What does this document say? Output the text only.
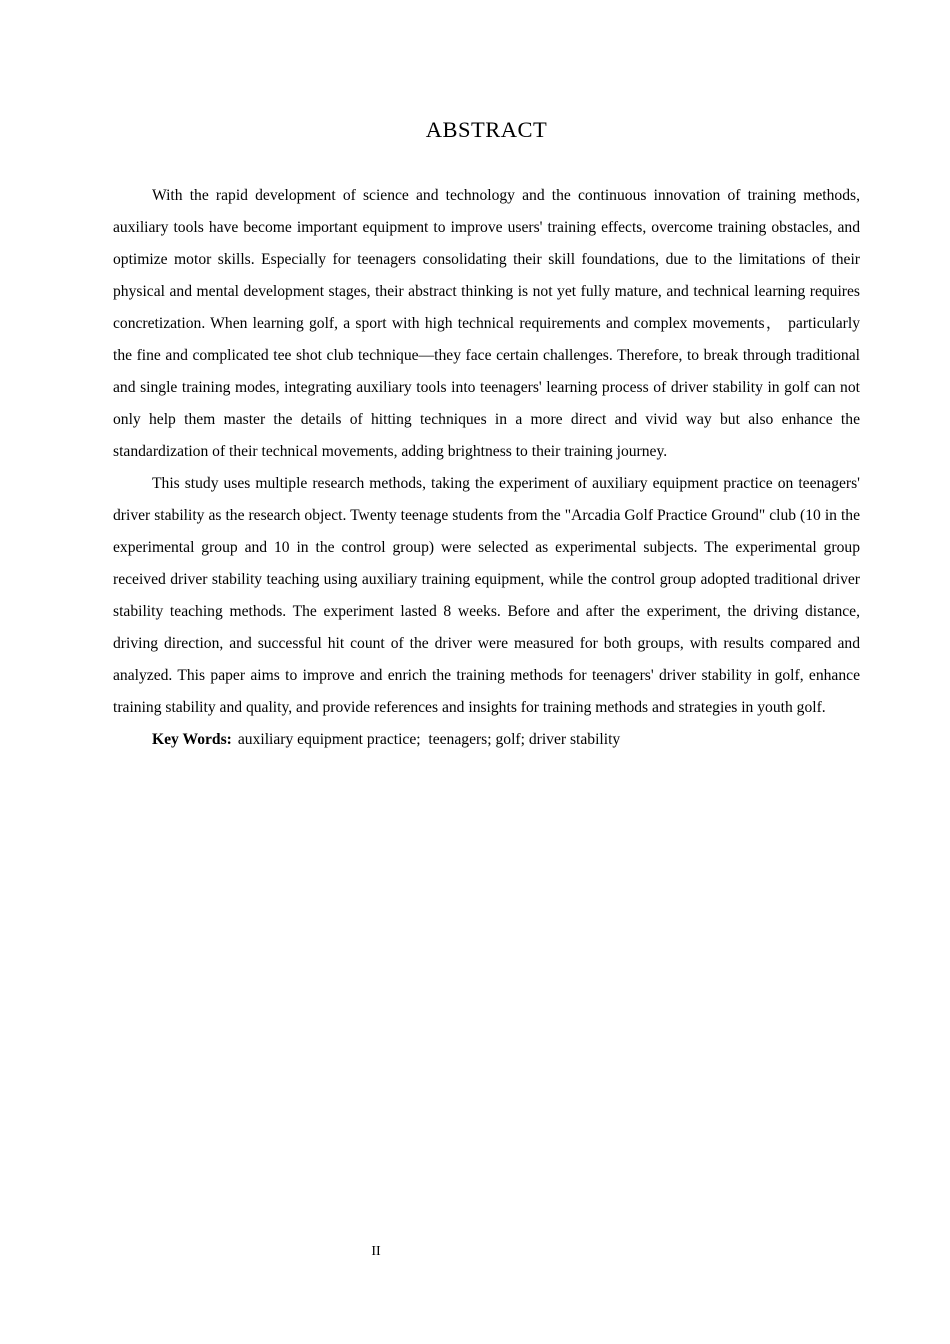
ABSTRACT

With the rapid development of science and technology and the continuous innovation of training methods, auxiliary tools have become important equipment to improve users' training effects, overcome training obstacles, and optimize motor skills. Especially for teenagers consolidating their skill foundations, due to the limitations of their physical and mental development stages, their abstract thinking is not yet fully mature, and technical learning requires concretization. When learning golf, a sport with high technical requirements and complex movements， particularly the fine and complicated tee shot club technique—they face certain challenges. Therefore, to break through traditional and single training modes, integrating auxiliary tools into teenagers' learning process of driver stability in golf can not only help them master the details of hitting techniques in a more direct and vivid way but also enhance the standardization of their technical movements, adding brightness to their training journey.

This study uses multiple research methods, taking the experiment of auxiliary equipment practice on teenagers' driver stability as the research object. Twenty teenage students from the "Arcadia Golf Practice Ground" club (10 in the experimental group and 10 in the control group) were selected as experimental subjects. The experimental group received driver stability teaching using auxiliary training equipment, while the control group adopted traditional driver stability teaching methods. The experiment lasted 8 weeks. Before and after the experiment, the driving distance, driving direction, and successful hit count of the driver were measured for both groups, with results compared and analyzed. This paper aims to improve and enrich the training methods for teenagers' driver stability in golf, enhance training stability and quality, and provide references and insights for training methods and strategies in youth golf.

Key Words: auxiliary equipment practice;  teenagers; golf; driver stability

II
